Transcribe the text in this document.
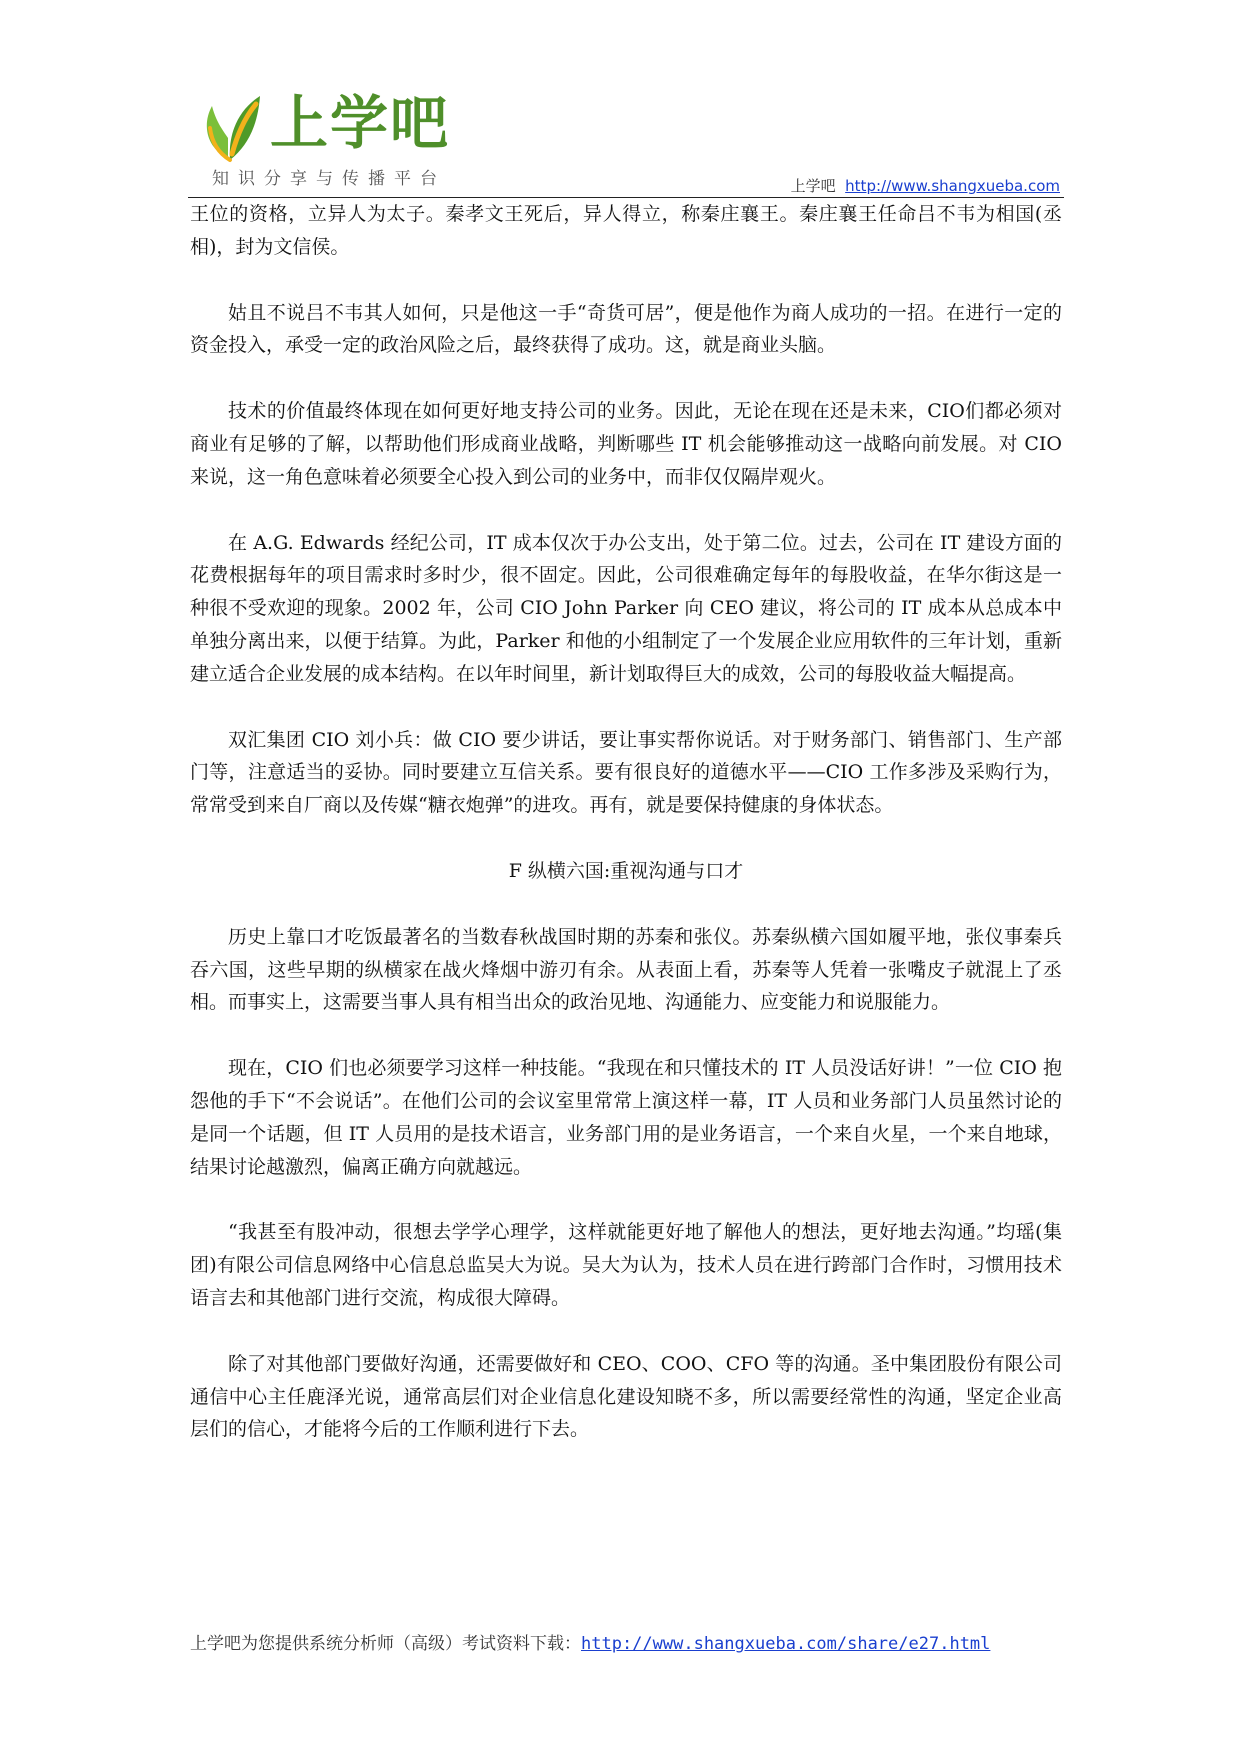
上学吧
知识分享与传播平台	上学吧 http://www.shangxueba.com

王位的资格，立异人为太子。秦孝文王死后，异人得立，称秦庄襄王。秦庄襄王任命吕不韦为相国(丞相)，封为文信侯。

姑且不说吕不韦其人如何，只是他这一手“奇货可居”，便是他作为商人成功的一招。在进行一定的资金投入，承受一定的政治风险之后，最终获得了成功。这，就是商业头脑。

技术的价值最终体现在如何更好地支持公司的业务。因此，无论在现在还是未来，CIO们都必须对商业有足够的了解，以帮助他们形成商业战略，判断哪些 IT 机会能够推动这一战略向前发展。对 CIO 来说，这一角色意味着必须要全心投入到公司的业务中，而非仅仅隔岸观火。

在 A.G. Edwards 经纪公司，IT 成本仅次于办公支出，处于第二位。过去，公司在 IT 建设方面的花费根据每年的项目需求时多时少，很不固定。因此，公司很难确定每年的每股收益，在华尔街这是一种很不受欢迎的现象。2002 年，公司 CIO John Parker 向 CEO 建议，将公司的 IT 成本从总成本中单独分离出来，以便于结算。为此，Parker 和他的小组制定了一个发展企业应用软件的三年计划，重新建立适合企业发展的成本结构。在以年时间里，新计划取得巨大的成效，公司的每股收益大幅提高。

双汇集团 CIO 刘小兵：做 CIO 要少讲话，要让事实帮你说话。对于财务部门、销售部门、生产部门等，注意适当的妥协。同时要建立互信关系。要有很良好的道德水平——CIO 工作多涉及采购行为，常常受到来自厂商以及传媒“糖衣炮弹”的进攻。再有，就是要保持健康的身体状态。

F 纵横六国:重视沟通与口才

历史上靠口才吃饭最著名的当数春秋战国时期的苏秦和张仪。苏秦纵横六国如履平地，张仪事秦兵吞六国，这些早期的纵横家在战火烽烟中游刃有余。从表面上看，苏秦等人凭着一张嘴皮子就混上了丞相。而事实上，这需要当事人具有相当出众的政治见地、沟通能力、应变能力和说服能力。

现在，CIO 们也必须要学习这样一种技能。“我现在和只懂技术的 IT 人员没话好讲！”一位 CIO 抱怨他的手下“不会说话”。在他们公司的会议室里常常上演这样一幕，IT 人员和业务部门人员虽然讨论的是同一个话题，但 IT 人员用的是技术语言，业务部门用的是业务语言，一个来自火星，一个来自地球，结果讨论越激烈，偏离正确方向就越远。

“我甚至有股冲动，很想去学学心理学，这样就能更好地了解他人的想法，更好地去沟通。”均瑶(集团)有限公司信息网络中心信息总监吴大为说。吴大为认为，技术人员在进行跨部门合作时，习惯用技术语言去和其他部门进行交流，构成很大障碍。

除了对其他部门要做好沟通，还需要做好和 CEO、COO、CFO 等的沟通。圣中集团股份有限公司通信中心主任鹿泽光说，通常高层们对企业信息化建设知晓不多，所以需要经常性的沟通，坚定企业高层们的信心，才能将今后的工作顺利进行下去。

上学吧为您提供系统分析师（高级）考试资料下载：http://www.shangxueba.com/share/e27.html
